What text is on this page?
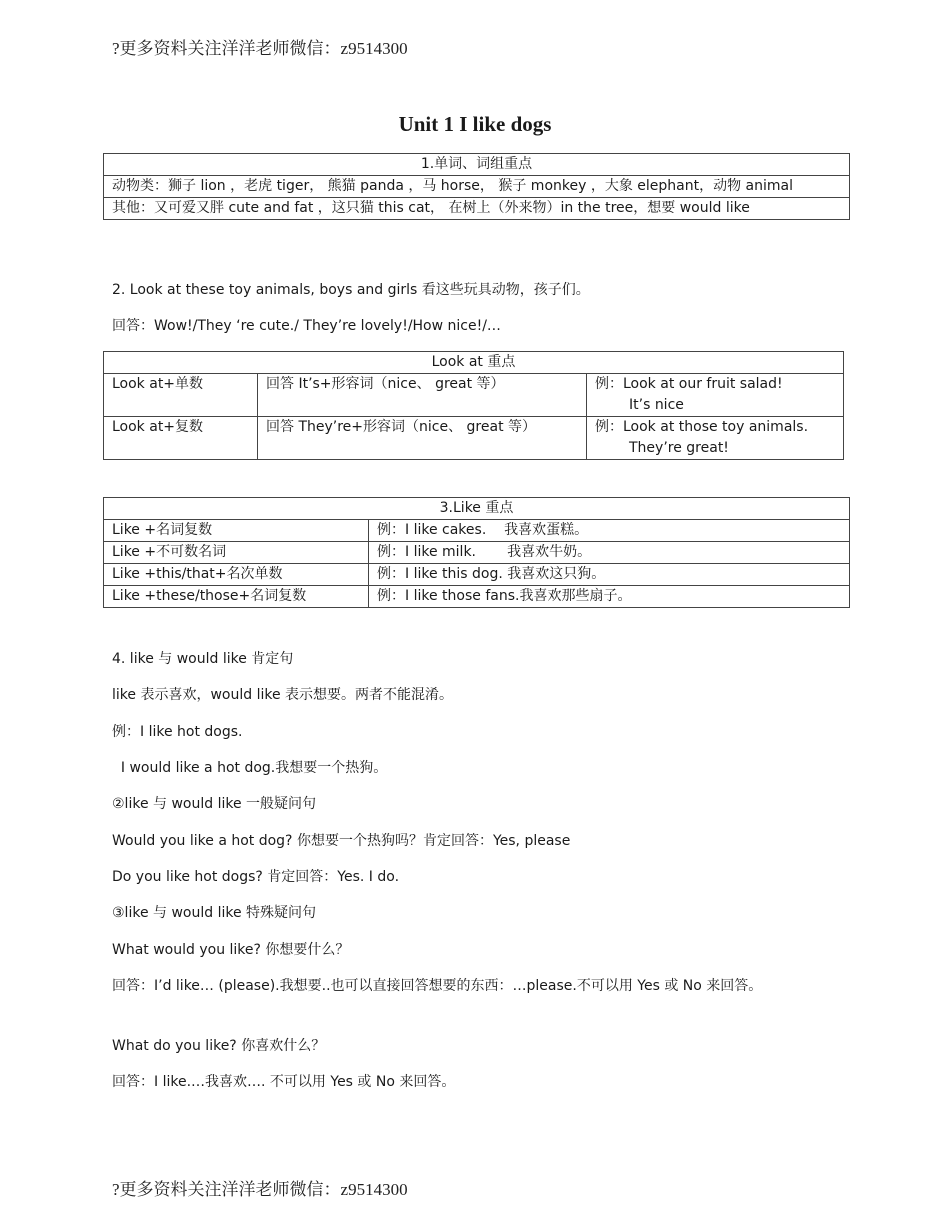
?更多资料关注洋洋老师微信：z9514300
Unit 1 I like dogs
1.单词、词组重点
动物类：狮子 lion ，老虎 tiger， 熊猫 panda ，马 horse， 猴子 monkey ，大象 elephant，动物 animal
其他：又可爱又胖 cute and fat ，这只猫 this cat， 在树上（外来物）in the tree，想要 would like
2. Look at these toy animals, boys and girls 看这些玩具动物，孩子们。
回答：Wow!/They ‘re cute./ They’re lovely!/How nice!/…
Look at 重点		
Look at+单数	回答 It’s+形容词（nice、 great 等）	例：Look at our fruit salad!
It’s nice

Look at+复数	回答 They’re+形容词（nice、 great 等）	例：Look at those toy animals.
They’re great!
3.Like 重点	
Like +名词复数	例：I like cakes.    我喜欢蛋糕。
Like +不可数名词	例：I like milk.       我喜欢牛奶。
Like +this/that+名次单数	例：I like this dog. 我喜欢这只狗。
Like +these/those+名词复数	例：I like those fans.我喜欢那些扇子。
4. like 与 would like 肯定句
like 表示喜欢，would like 表示想要。两者不能混淆。
例：I like hot dogs.
I would like a hot dog.我想要一个热狗。
②like 与 would like 一般疑问句
Would you like a hot dog? 你想要一个热狗吗？肯定回答：Yes, please
Do you like hot dogs? 肯定回答：Yes. I do.
③like 与 would like 特殊疑问句
What would you like? 你想要什么？
回答：I’d like… (please).我想要..也可以直接回答想要的东西：…please.不可以用 Yes 或 No 来回答。
What do you like? 你喜欢什么？
回答：I like.…我喜欢…. 不可以用 Yes 或 No 来回答。
?更多资料关注洋洋老师微信：z9514300
